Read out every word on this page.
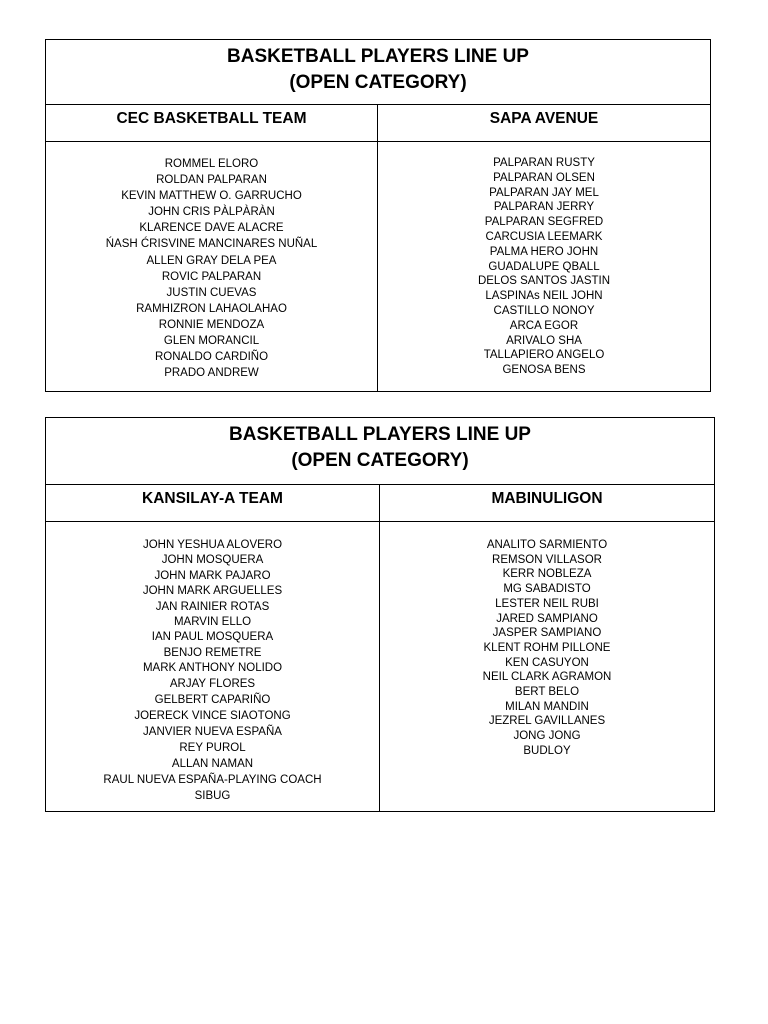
BASKETBALL PLAYERS LINE UP
(OPEN CATEGORY)
CEC BASKETBALL TEAM	SAPA AVENUE
ROMMEL ELORO
ROLDAN PALPARAN
KEVIN MATTHEW O. GARRUCHO
JOHN CRIS PÀLPÀRÀN
KLARENCE DAVE ALACRE
ŃASH ĆRISVINE MANCINARES NUÑAL
ALLEN GRAY DELA PEA
ROVIC PALPARAN
JUSTIN CUEVAS
RAMHIZRON LAHAOLAHAO
RONNIE MENDOZA
GLEN MORANCIL
RONALDO CARDIÑO
PRADO ANDREW
PALPARAN RUSTY
PALPARAN OLSEN
PALPARAN JAY MEL
PALPARAN JERRY
PALPARAN SEGFRED
CARCUSIA LEEMARK
PALMA HERO JOHN
GUADALUPE QBALL
DELOS SANTOS JASTIN
LASPINAs NEIL JOHN
CASTILLO NONOY
ARCA EGOR
ARIVALO SHA
TALLAPIERO ANGELO
GENOSA BENS
BASKETBALL PLAYERS LINE UP
(OPEN CATEGORY)
KANSILAY-A TEAM	MABINULIGON
JOHN YESHUA ALOVERO
JOHN MOSQUERA
JOHN MARK PAJARO
JOHN MARK ARGUELLES
JAN RAINIER ROTAS
MARVIN ELLO
IAN PAUL MOSQUERA
BENJO REMETRE
MARK ANTHONY NOLIDO
ARJAY FLORES
GELBERT CAPARIÑO
JOERECK VINCE SIAOTONG
JANVIER NUEVA ESPAÑA
REY PUROL
ALLAN NAMAN
RAUL NUEVA ESPAÑA-PLAYING COACH
SIBUG
ANALITO SARMIENTO
REMSON VILLASOR
KERR NOBLEZA
MG SABADISTO
LESTER NEIL RUBI
JARED SAMPIANO
JASPER SAMPIANO
KLENT ROHM PILLONE
KEN CASUYON
NEIL CLARK AGRAMON
BERT BELO
MILAN MANDIN
JEZREL GAVILLANES
JONG JONG
BUDLOY
